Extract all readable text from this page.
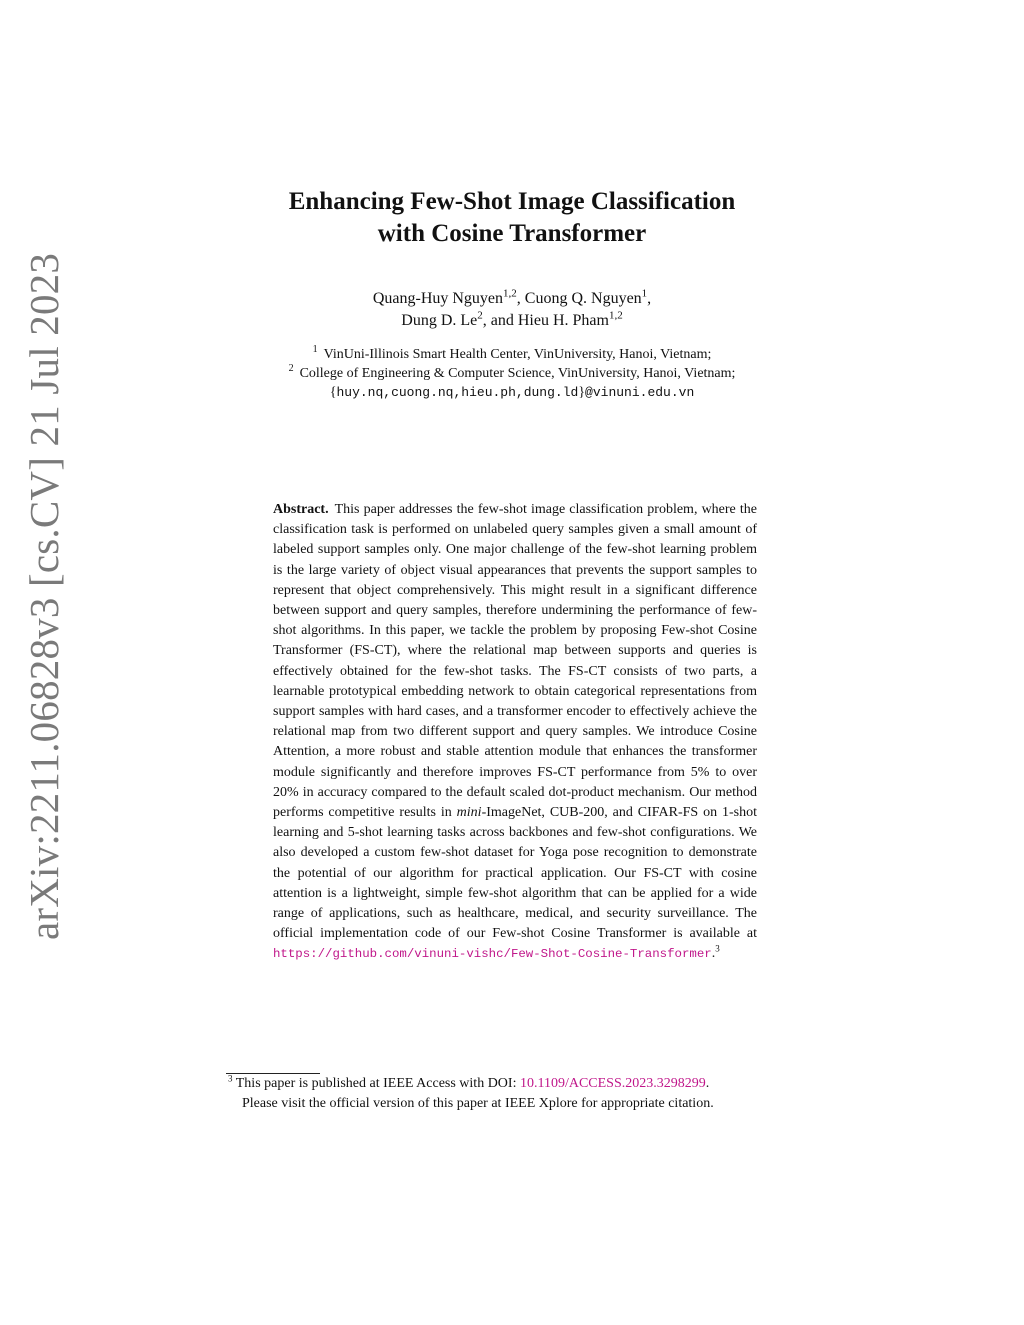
arXiv:2211.06828v3 [cs.CV] 21 Jul 2023
Enhancing Few-Shot Image Classification
with Cosine Transformer
Quang-Huy Nguyen$^{1,2}$, Cuong Q. Nguyen$^1$,
Dung D. Le$^2$, and Hieu H. Pham$^{1,2}$
$^1$ VinUni-Illinois Smart Health Center, VinUniversity, Hanoi, Vietnam;
$^2$ College of Engineering & Computer Science, VinUniversity, Hanoi, Vietnam;
{huy.nq,cuong.nq,hieu.ph,dung.ld}@vinuni.edu.vn
Abstract. This paper addresses the few-shot image classification problem, where the classification task is performed on unlabeled query samples given a small amount of labeled support samples only. One major challenge of the few-shot learning problem is the large variety of object visual appearances that prevents the support samples to represent that object comprehensively. This might result in a significant difference between support and query samples, therefore undermining the performance of few-shot algorithms. In this paper, we tackle the problem by proposing Few-shot Cosine Transformer (FS-CT), where the relational map between supports and queries is effectively obtained for the few-shot tasks. The FS-CT consists of two parts, a learnable prototypical embedding network to obtain categorical representations from support samples with hard cases, and a transformer encoder to effectively achieve the relational map from two different support and query samples. We introduce Cosine Attention, a more robust and stable attention module that enhances the transformer module significantly and therefore improves FS-CT performance from 5% to over 20% in accuracy compared to the default scaled dot-product mechanism. Our method performs competitive results in mini-ImageNet, CUB-200, and CIFAR-FS on 1-shot learning and 5-shot learning tasks across backbones and few-shot configurations. We also developed a custom few-shot dataset for Yoga pose recognition to demonstrate the potential of our algorithm for practical application. Our FS-CT with cosine attention is a lightweight, simple few-shot algorithm that can be applied for a wide range of applications, such as healthcare, medical, and security surveillance. The official implementation code of our Few-shot Cosine Transformer is available at https://github.com/vinuni-vishc/Few-Shot-Cosine-Transformer.$^3$
$^3$ This paper is published at IEEE Access with DOI: 10.1109/ACCESS.2023.3298299.
Please visit the official version of this paper at IEEE Xplore for appropriate citation.
